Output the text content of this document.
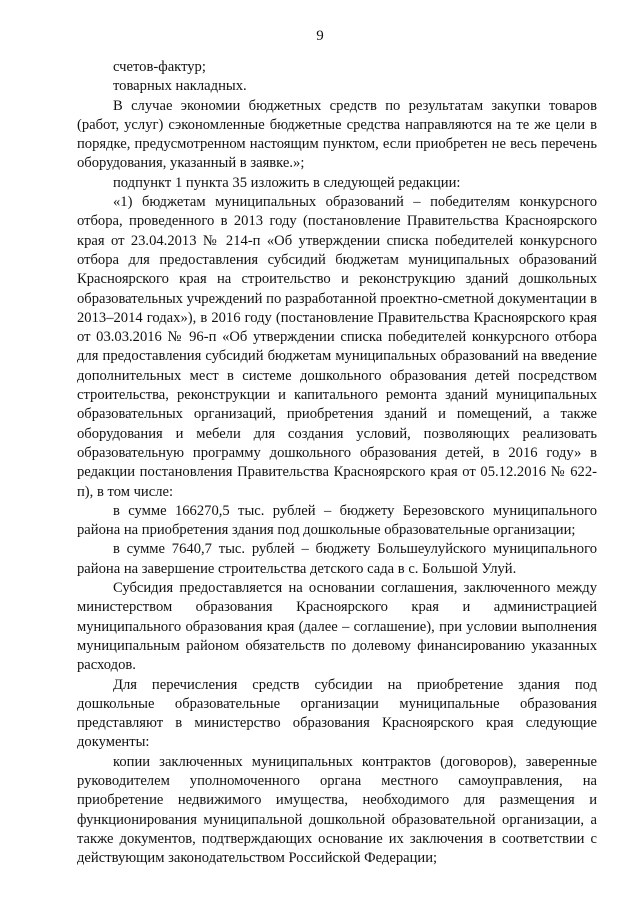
9

счетов-фактур;

товарных накладных.

В случае экономии бюджетных средств по результатам закупки товаров (работ, услуг) сэкономленные бюджетные средства направляются на те же цели в порядке, предусмотренном настоящим пунктом, если приобретен не весь перечень оборудования, указанный в заявке.»;

подпункт 1 пункта 35 изложить в следующей редакции:

«1) бюджетам муниципальных образований – победителям конкурсного отбора, проведенного в 2013 году (постановление Правительства Красноярского края от 23.04.2013 № 214-п «Об утверждении списка победителей конкурсного отбора для предоставления субсидий бюджетам муниципальных образований Красноярского края на строительство и реконструкцию зданий дошкольных образовательных учреждений по разработанной проектно-сметной документации в 2013–2014 годах»), в 2016 году (постановление Правительства Красноярского края от 03.03.2016 № 96-п «Об утверждении списка победителей конкурсного отбора для предоставления субсидий бюджетам муниципальных образований на введение дополнительных мест в системе дошкольного образования детей посредством строительства, реконструкции и капитального ремонта зданий муниципальных образовательных организаций, приобретения зданий и помещений, а также оборудования и мебели для создания условий, позволяющих реализовать образовательную программу дошкольного образования детей, в 2016 году» в редакции постановления Правительства Красноярского края от 05.12.2016 № 622-п), в том числе:

в сумме 166270,5 тыс. рублей – бюджету Березовского муниципального района на приобретения здания под дошкольные образовательные организации;

в сумме 7640,7 тыс. рублей – бюджету Большеулуйского муниципального района на завершение строительства детского сада в с. Большой Улуй.

Субсидия предоставляется на основании соглашения, заключенного между министерством образования Красноярского края и администрацией муниципального образования края (далее – соглашение), при условии выполнения муниципальным районом обязательств по долевому финансированию указанных расходов.

Для перечисления средств субсидии на приобретение здания под дошкольные образовательные организации муниципальные образования представляют в министерство образования Красноярского края следующие документы:

копии заключенных муниципальных контрактов (договоров), заверенные руководителем уполномоченного органа местного самоуправления, на приобретение недвижимого имущества, необходимого для размещения и функционирования муниципальной дошкольной образовательной организации, а также документов, подтверждающих основание их заключения в соответствии с действующим законодательством Российской Федерации;
